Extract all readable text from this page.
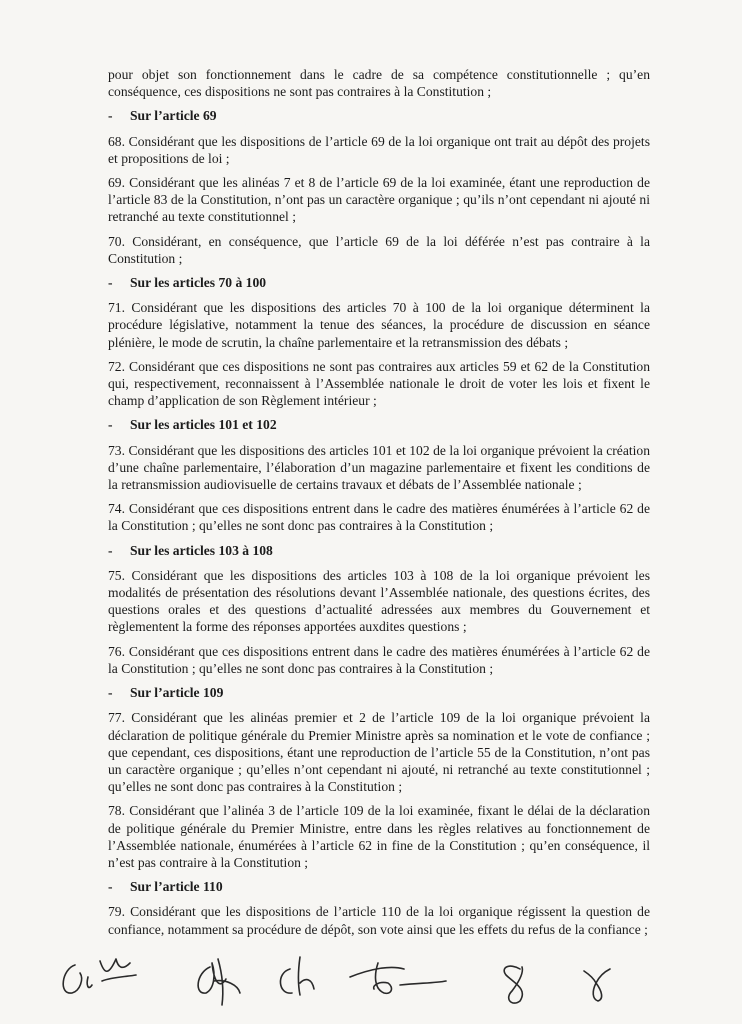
pour objet son fonctionnement dans le cadre de sa compétence constitutionnelle ; qu’en conséquence, ces dispositions ne sont pas contraires à la Constitution ;

- Sur l’article 69

68. Considérant que les dispositions de l’article 69 de la loi organique ont trait au dépôt des projets et propositions de loi ;

69. Considérant que les alinéas 7 et 8 de l’article 69 de la loi examinée, étant une reproduction de l’article 83 de la Constitution, n’ont pas un caractère organique ; qu’ils n’ont cependant ni ajouté ni retranché au texte constitutionnel ;

70. Considérant, en conséquence, que l’article 69 de la loi déférée n’est pas contraire à la Constitution ;

- Sur les articles 70 à 100

71. Considérant que les dispositions des articles 70 à 100 de la loi organique déterminent la procédure législative, notamment la tenue des séances, la procédure de discussion en séance plénière, le mode de scrutin, la chaîne parlementaire et la retransmission des débats ;

72. Considérant que ces dispositions ne sont pas contraires aux articles 59 et 62 de la Constitution qui, respectivement, reconnaissent à l’Assemblée nationale le droit de voter les lois et fixent le champ d’application de son Règlement intérieur ;

- Sur les articles 101 et 102

73. Considérant que les dispositions des articles 101 et 102 de la loi organique prévoient la création d’une chaîne parlementaire, l’élaboration d’un magazine parlementaire et fixent les conditions de la retransmission audiovisuelle de certains travaux et débats de l’Assemblée nationale ;

74. Considérant que ces dispositions entrent dans le cadre des matières énumérées à l’article 62 de la Constitution ; qu’elles ne sont donc pas contraires à la Constitution ;

- Sur les articles 103 à 108

75. Considérant que les dispositions des articles 103 à 108 de la loi organique prévoient les modalités de présentation des résolutions devant l’Assemblée nationale, des questions écrites, des questions orales et des questions d’actualité adressées aux membres du Gouvernement et règlementent la forme des réponses apportées auxdites questions ;

76. Considérant que ces dispositions entrent dans le cadre des matières énumérées à l’article 62 de la Constitution ; qu’elles ne sont donc pas contraires à la Constitution ;

- Sur l’article 109

77. Considérant que les alinéas premier et 2 de l’article 109 de la loi organique prévoient la déclaration de politique générale du Premier Ministre après sa nomination et le vote de confiance ; que cependant, ces dispositions, étant une reproduction de l’article 55 de la Constitution, n’ont pas un caractère organique ; qu’elles n’ont cependant ni ajouté, ni retranché au texte constitutionnel ; qu’elles ne sont donc pas contraires à la Constitution ;

78. Considérant que l’alinéa 3 de l’article 109 de la loi examinée, fixant le délai de la déclaration de politique générale du Premier Ministre, entre dans les règles relatives au fonctionnement de l’Assemblée nationale, énumérées à l’article 62 in fine de la Constitution ; qu’en conséquence, il n’est pas contraire à la Constitution ;

- Sur l’article 110

79. Considérant que les dispositions de l’article 110 de la loi organique régissent la question de confiance, notamment sa procédure de dépôt, son vote ainsi que les effets du refus de la confiance ;
